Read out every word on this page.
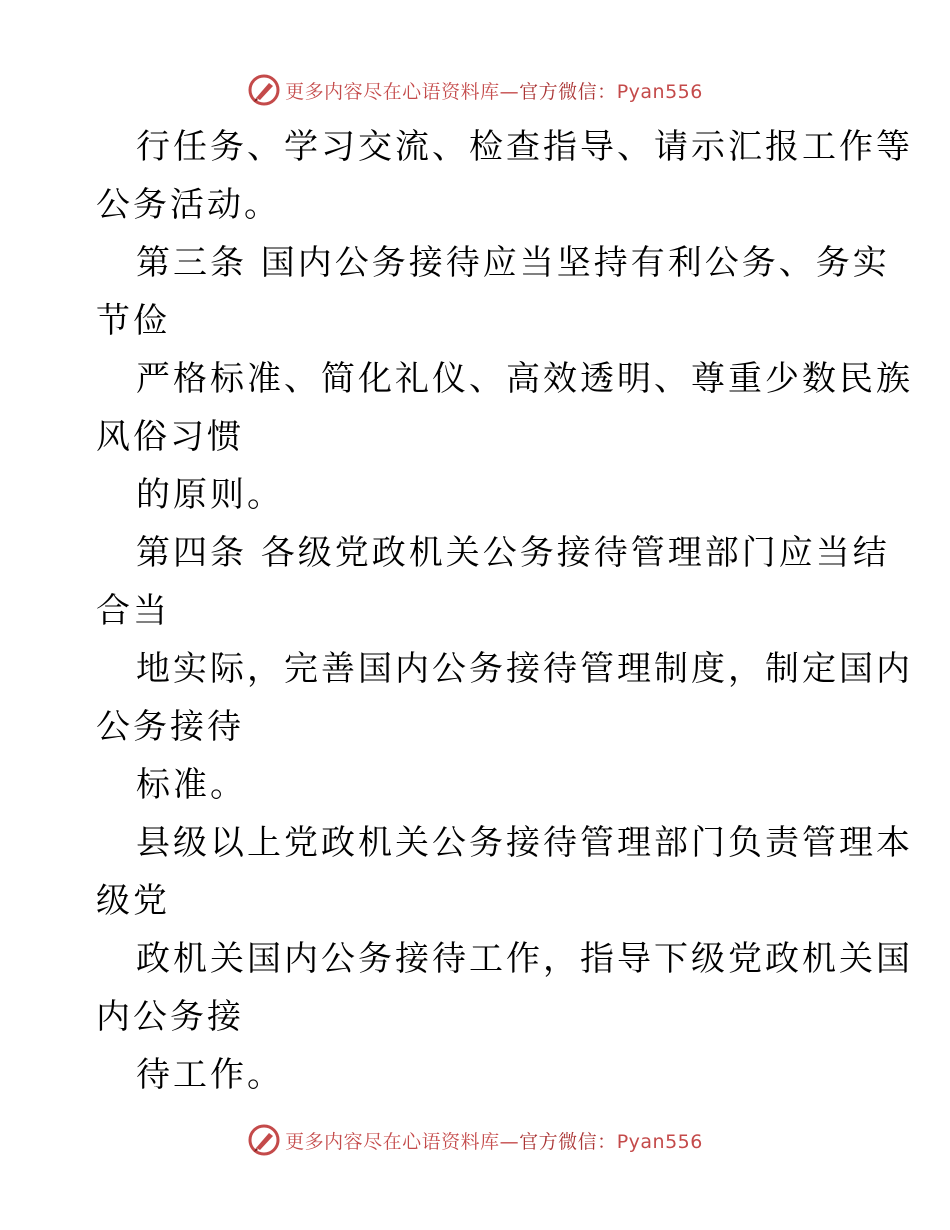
更多内容尽在心语资料库—官方微信：Pyan556
行任务、学习交流、检查指导、请示汇报工作等
公务活动。
第三条 国内公务接待应当坚持有利公务、务实
节俭
严格标准、简化礼仪、高效透明、尊重少数民族
风俗习惯
的原则。
第四条 各级党政机关公务接待管理部门应当结
合当
地实际，完善国内公务接待管理制度，制定国内
公务接待
标准。
县级以上党政机关公务接待管理部门负责管理本
级党
政机关国内公务接待工作，指导下级党政机关国
内公务接
待工作。
更多内容尽在心语资料库—官方微信：Pyan556
